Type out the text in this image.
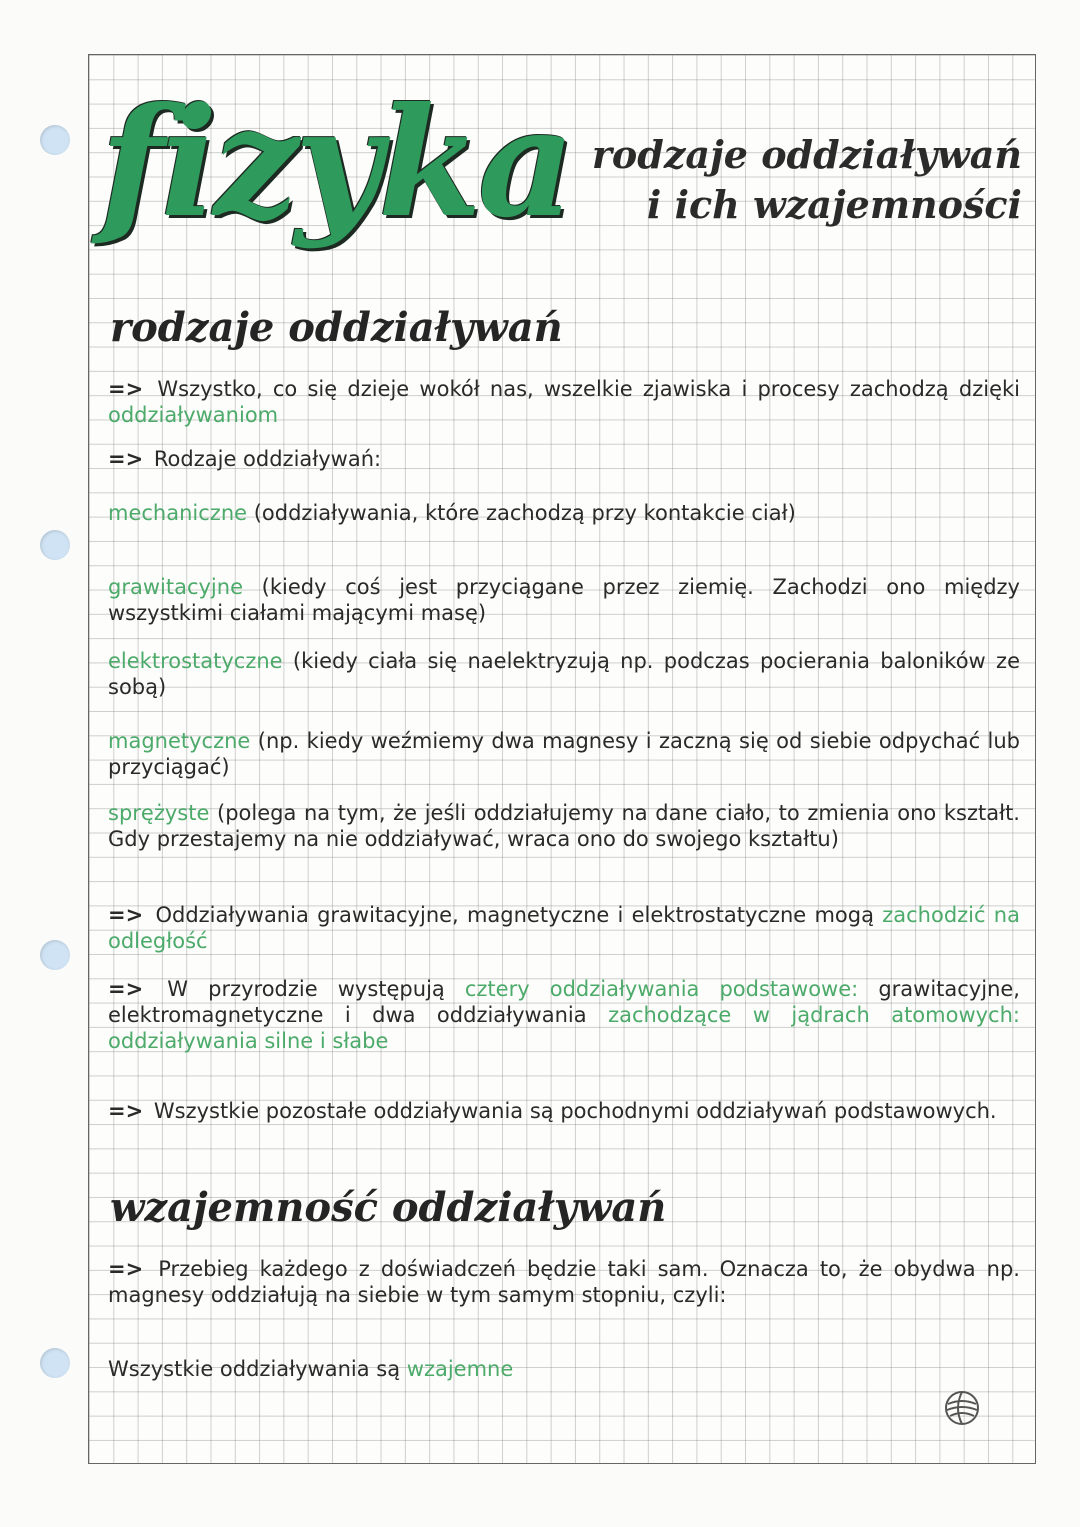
fizyka rodzaje oddziaływań
i ich wzajemności
rodzaje oddziaływań
=> Wszystko, co się dzieje wokół nas, wszelkie zjawiska i procesy zachodzą dzięki oddziaływaniom
=> Rodzaje oddziaływań:
mechaniczne (oddziaływania, które zachodzą przy kontakcie ciał)
grawitacyjne (kiedy coś jest przyciągane przez ziemię. Zachodzi ono między wszystkimi ciałami mającymi masę)
elektrostatyczne (kiedy ciała się naelektryzują np. podczas pocierania baloników ze sobą)
magnetyczne (np. kiedy weźmiemy dwa magnesy i zaczną się od siebie odpychać lub przyciągać)
sprężyste (polega na tym, że jeśli oddziałujemy na dane ciało, to zmienia ono kształt. Gdy przestajemy na nie oddziaływać, wraca ono do swojego kształtu)
=> Oddziaływania grawitacyjne, magnetyczne i elektrostatyczne mogą zachodzić na odległość
=> W przyrodzie występują cztery oddziaływania podstawowe: grawitacyjne, elektromagnetyczne i dwa oddziaływania zachodzące w jądrach atomowych: oddziaływania silne i słabe
=> Wszystkie pozostałe oddziaływania są pochodnymi oddziaływań podstawowych.
wzajemność oddziaływań
=> Przebieg każdego z doświadczeń będzie taki sam. Oznacza to, że obydwa np. magnesy oddziałują na siebie w tym samym stopniu, czyli:
Wszystkie oddziaływania są wzajemne
